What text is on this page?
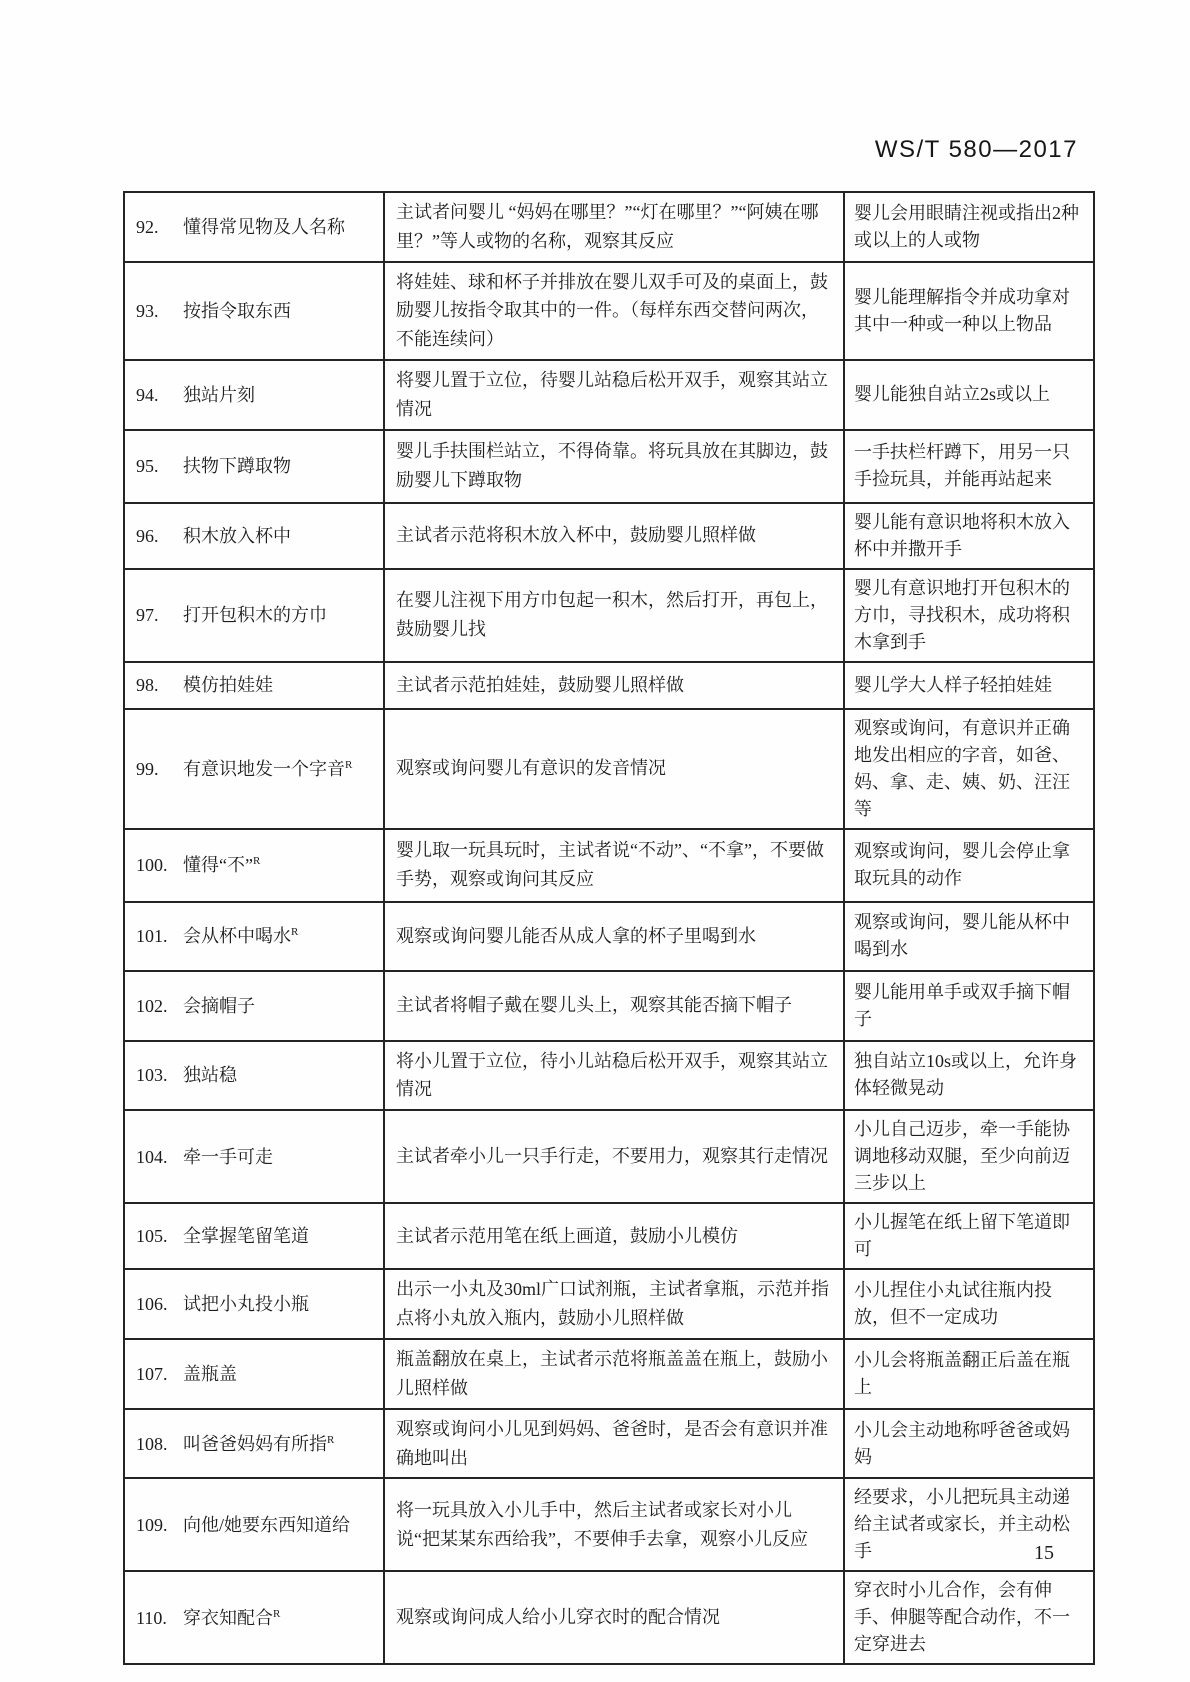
WS/T 580—2017
92. 懂得常见物及人名称	主试者问婴儿 “妈妈在哪里？”“灯在哪里？”“阿姨在哪里？”等人或物的名称，观察其反应	婴儿会用眼睛注视或指出2种或以上的人或物
93. 按指令取东西	将娃娃、球和杯子并排放在婴儿双手可及的桌面上，鼓励婴儿按指令取其中的一件。（每样东西交替问两次，不能连续问）	婴儿能理解指令并成功拿对其中一种或一种以上物品
94. 独站片刻	将婴儿置于立位，待婴儿站稳后松开双手，观察其站立情况	婴儿能独自站立2s或以上
95. 扶物下蹲取物	婴儿手扶围栏站立，不得倚靠。将玩具放在其脚边，鼓励婴儿下蹲取物	一手扶栏杆蹲下，用另一只手捡玩具，并能再站起来
96. 积木放入杯中	主试者示范将积木放入杯中，鼓励婴儿照样做	婴儿能有意识地将积木放入杯中并撒开手
97. 打开包积木的方巾	在婴儿注视下用方巾包起一积木，然后打开，再包上，鼓励婴儿找	婴儿有意识地打开包积木的方巾，寻找积木，成功将积木拿到手
98. 模仿拍娃娃	主试者示范拍娃娃，鼓励婴儿照样做	婴儿学大人样子轻拍娃娃
99. 有意识地发一个字音$^R$	观察或询问婴儿有意识的发音情况	观察或询问，有意识并正确地发出相应的字音，如爸、妈、拿、走、姨、奶、汪汪等
100. 懂得“不”$^R$	婴儿取一玩具玩时，主试者说“不动”、“不拿”，不要做手势，观察或询问其反应	观察或询问，婴儿会停止拿取玩具的动作
101. 会从杯中喝水$^R$	观察或询问婴儿能否从成人拿的杯子里喝到水	观察或询问，婴儿能从杯中喝到水
102. 会摘帽子	主试者将帽子戴在婴儿头上，观察其能否摘下帽子	婴儿能用单手或双手摘下帽子
103. 独站稳	将小儿置于立位，待小儿站稳后松开双手，观察其站立情况	独自站立10s或以上，允许身体轻微晃动
104. 牵一手可走	主试者牵小儿一只手行走，不要用力，观察其行走情况	小儿自己迈步，牵一手能协调地移动双腿，至少向前迈三步以上
105. 全掌握笔留笔道	主试者示范用笔在纸上画道，鼓励小儿模仿	小儿握笔在纸上留下笔道即可
106. 试把小丸投小瓶	出示一小丸及30ml广口试剂瓶，主试者拿瓶，示范并指点将小丸放入瓶内，鼓励小儿照样做	小儿捏住小丸试往瓶内投放，但不一定成功
107. 盖瓶盖	瓶盖翻放在桌上，主试者示范将瓶盖盖在瓶上，鼓励小儿照样做	小儿会将瓶盖翻正后盖在瓶上
108. 叫爸爸妈妈有所指$^R$	观察或询问小儿见到妈妈、爸爸时，是否会有意识并准确地叫出	小儿会主动地称呼爸爸或妈妈
109. 向他/她要东西知道给	将一玩具放入小儿手中，然后主试者或家长对小儿说“把某某东西给我”，不要伸手去拿，观察小儿反应	经要求，小儿把玩具主动递给主试者或家长，并主动松手
110. 穿衣知配合$^R$	观察或询问成人给小儿穿衣时的配合情况	穿衣时小儿合作，会有伸手、伸腿等配合动作，不一定穿进去
15
